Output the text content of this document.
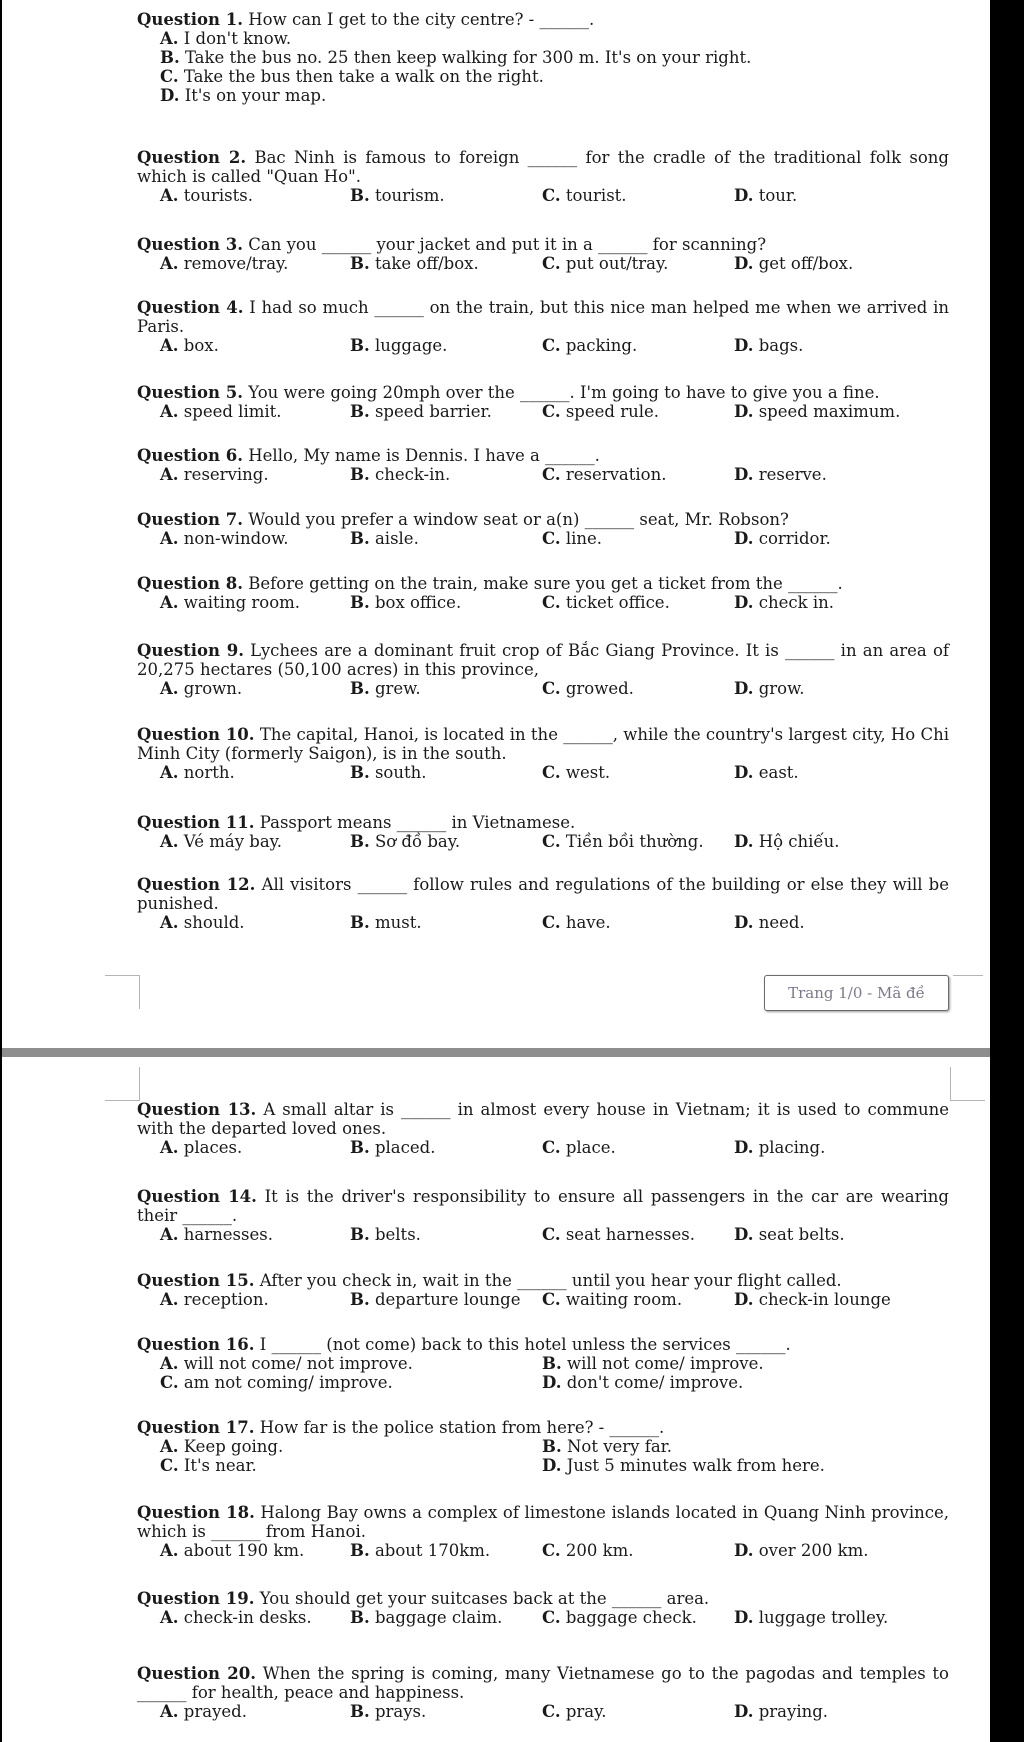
Trang 1/0 - Mã đề
Question 1. How can I get to the city centre? - ______.
A. I don't know.
B. Take the bus no. 25 then keep walking for 300 m. It's on your right.
C. Take the bus then take a walk on the right.
D. It's on your map.
Question 2. Bac Ninh is famous to foreign ______ for the cradle of the traditional folk song which is called "Quan Ho".
A. tourists.	B. tourism.	C. tourist.	D. tour.
Question 3. Can you ______ your jacket and put it in a ______ for scanning?
A. remove/tray.	B. take off/box.	C. put out/tray.	D. get off/box.
Question 4. I had so much ______ on the train, but this nice man helped me when we arrived in Paris.
A. box.	B. luggage.	C. packing.	D. bags.
Question 5. You were going 20mph over the ______. I'm going to have to give you a fine.
A. speed limit.	B. speed barrier.	C. speed rule.	D. speed maximum.
Question 6. Hello, My name is Dennis. I have a ______.
A. reserving.	B. check-in.	C. reservation.	D. reserve.
Question 7. Would you prefer a window seat or a(n) ______ seat, Mr. Robson?
A. non-window.	B. aisle.	C. line.	D. corridor.
Question 8. Before getting on the train, make sure you get a ticket from the ______.
A. waiting room.	B. box office.	C. ticket office.	D. check in.
Question 9. Lychees are a dominant fruit crop of Bắc Giang Province. It is ______ in an area of 20,275 hectares (50,100 acres) in this province,
A. grown.	B. grew.	C. growed.	D. grow.
Question 10. The capital, Hanoi, is located in the ______, while the country's largest city, Ho Chi Minh City (formerly Saigon), is in the south.
A. north.	B. south.	C. west.	D. east.
Question 11. Passport means ______ in Vietnamese.
A. Vé máy bay.	B. Sơ đồ bay.	C. Tiền bồi thường. D. Hộ chiếu.
Question 12. All visitors ______ follow rules and regulations of the building or else they will be punished.
A. should.	B. must.	C. have.	D. need.
Question 13. A small altar is ______ in almost every house in Vietnam; it is used to commune with the departed loved ones.
A. places.	B. placed.	C. place.	D. placing.
Question 14. It is the driver's responsibility to ensure all passengers in the car are wearing their ______.
A. harnesses.	B. belts.	C. seat harnesses. D. seat belts.
Question 15. After you check in, wait in the ______ until you hear your flight called.
A. reception.	B. departure lounge C. waiting room.	D. check-in lounge
Question 16. I ______ (not come) back to this hotel unless the services ______.
A. will not come/ not improve.	B. will not come/ improve.
C. am not coming/ improve.	D. don't come/ improve.
Question 17. How far is the police station from here? - ______.
A. Keep going.	B. Not very far.
C. It's near.	D. Just 5 minutes walk from here.
Question 18. Halong Bay owns a complex of limestone islands located in Quang Ninh province, which is ______ from Hanoi.
A. about 190 km.	B. about 170km.	C. 200 km.	D. over 200 km.
Question 19. You should get your suitcases back at the ______ area.
A. check-in desks. B. baggage claim. C. baggage check. D. luggage trolley.
Question 20. When the spring is coming, many Vietnamese go to the pagodas and temples to ______ for health, peace and happiness.
A. prayed.	B. prays.	C. pray.	D. praying.
